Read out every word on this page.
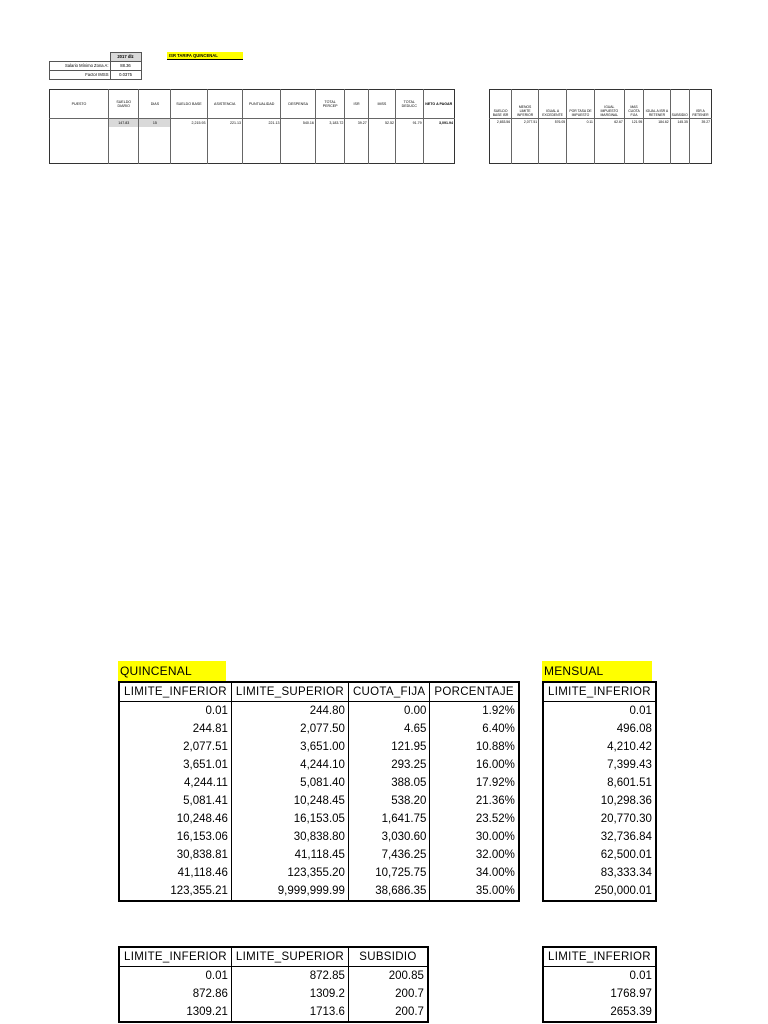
	2017 dlz
Salario Mínimo Zona A:	88.36
Factor IMSS	0.0375
ISR TARIFA QUINCENAL
PUESTO	SUELDO DIARIO	DIAS	SUELDO BASE	ASISTENCIA	PUNTUALIDAD	DESPENSA	TOTAL PERCEP	ISR	IMSS	TOTAL DEDUCC	NETO A PAGAR
	147.83	15	2,215.93	221.13	221.13	540.16	3,183.72	39.27	52.52	91.79	3,091.94

SUELDO BASE ISR	MENOS LIMITE INFERIOR	IGUAL A EXCEDENTE	POR TASA DE IMPUESTO	IGUAL IMPUESTO MARGINAL	MAS CUOTA FIJA	IGUAL A ISR A RETENER	SUBSIDIO	ISR A RETENER
2,653.56	2,077.51	576.05	0.11	62.67	121.95	184.62	145.35	39.27

QUINCENAL
LIMITE_INFERIOR	LIMITE_SUPERIOR	CUOTA_FIJA	PORCENTAJE
0.01	244.80	0.00	1.92%
244.81	2,077.50	4.65	6.40%
2,077.51	3,651.00	121.95	10.88%
3,651.01	4,244.10	293.25	16.00%
4,244.11	5,081.40	388.05	17.92%
5,081.41	10,248.45	538.20	21.36%
10,248.46	16,153.05	1,641.75	23.52%
16,153.06	30,838.80	3,030.60	30.00%
30,838.81	41,118.45	7,436.25	32.00%
41,118.46	123,355.20	10,725.75	34.00%
123,355.21	9,999,999.99	38,686.35	35.00%
MENSUAL
LIMITE_INFERIOR
0.01
496.08
4,210.42
7,399.43
8,601.51
10,298.36
20,770.30
32,736.84
62,500.01
83,333.34
250,000.01
LIMITE_INFERIOR	LIMITE_SUPERIOR	SUBSIDIO
0.01	872.85	200.85
872.86	1309.2	200.7
1309.21	1713.6	200.7
LIMITE_INFERIOR
0.01
1768.97
2653.39
